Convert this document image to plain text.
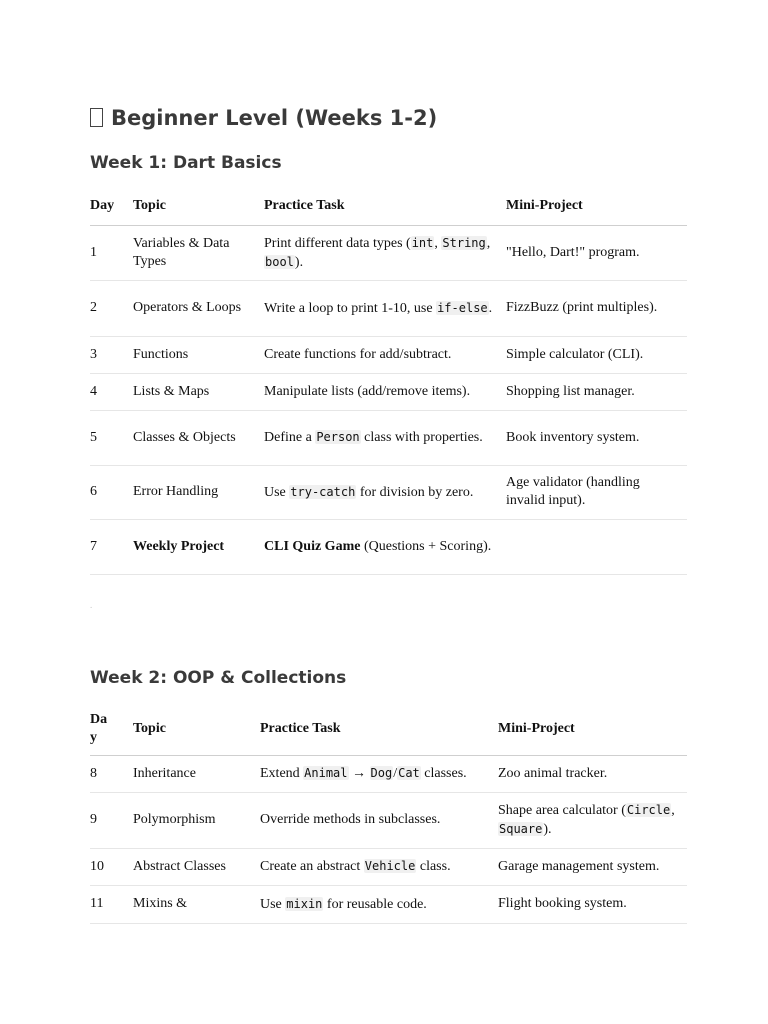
Beginner Level (Weeks 1-2)
Week 1: Dart Basics
Day	Topic	Practice Task	Mini-Project
1	Variables & Data Types	Print different data types (int, String, bool).	"Hello, Dart!" program.
2	Operators & Loops	Write a loop to print 1-10, use if-else.	FizzBuzz (print multiples).
3	Functions	Create functions for add/subtract.	Simple calculator (CLI).
4	Lists & Maps	Manipulate lists (add/remove items).	Shopping list manager.
5	Classes & Objects	Define a Person class with properties.	Book inventory system.
6	Error Handling	Use try-catch for division by zero.	Age validator (handling invalid input).
7	Weekly Project	CLI Quiz Game (Questions + Scoring).	
.
Week 2: OOP & Collections
Day	Topic	Practice Task	Mini-Project
8	Inheritance	Extend Animal → Dog/Cat classes.	Zoo animal tracker.
9	Polymorphism	Override methods in subclasses.	Shape area calculator (Circle, Square).
10	Abstract Classes	Create an abstract Vehicle class.	Garage management system.
11	Mixins &	Use mixin for reusable code.	Flight booking system.
